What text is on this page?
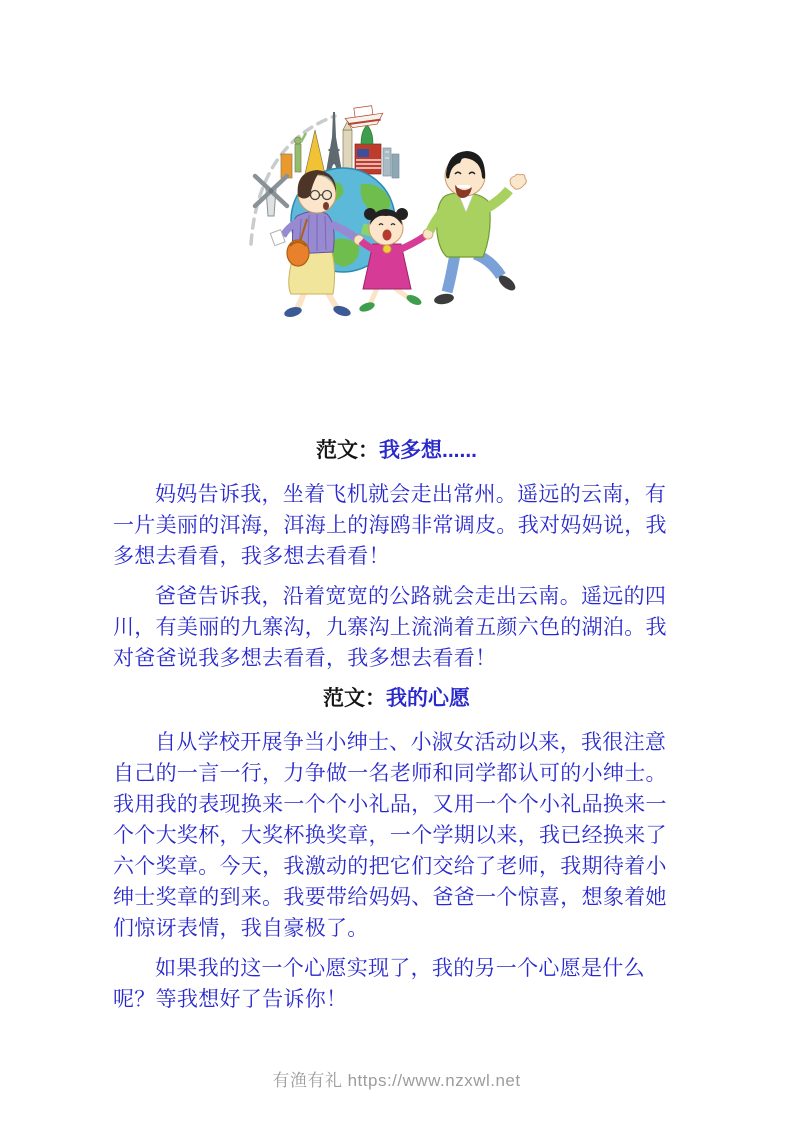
范文：我多想......

妈妈告诉我，坐着飞机就会走出常州。遥远的云南，有一片美丽的洱海，洱海上的海鸥非常调皮。我对妈妈说，我多想去看看，我多想去看看！

爸爸告诉我，沿着宽宽的公路就会走出云南。遥远的四川，有美丽的九寨沟，九寨沟上流淌着五颜六色的湖泊。我对爸爸说我多想去看看，我多想去看看！

范文：我的心愿

自从学校开展争当小绅士、小淑女活动以来，我很注意自己的一言一行，力争做一名老师和同学都认可的小绅士。我用我的表现换来一个个小礼品，又用一个个小礼品换来一个个大奖杯，大奖杯换奖章，一个学期以来，我已经换来了六个奖章。今天，我激动的把它们交给了老师，我期待着小绅士奖章的到来。我要带给妈妈、爸爸一个惊喜，想象着她们惊讶表情，我自豪极了。

如果我的这一个心愿实现了，我的另一个心愿是什么呢？等我想好了告诉你！

有渔有礼 https://www.nzxwl.net
